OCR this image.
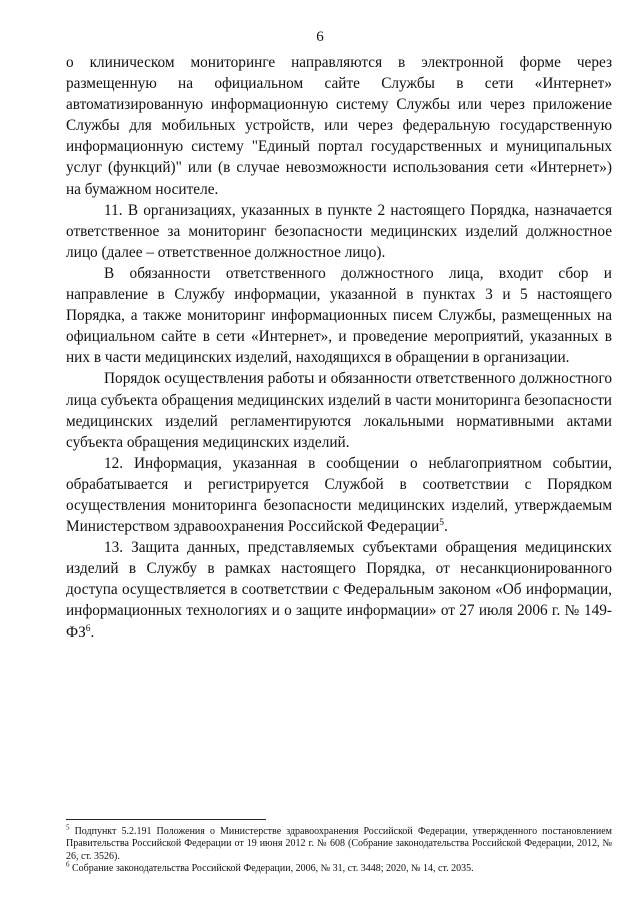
6

о клиническом мониторинге направляются в электронной форме через размещенную на официальном сайте Службы в сети «Интернет» автоматизированную информационную систему Службы или через приложение Службы для мобильных устройств, или через федеральную государственную информационную систему "Единый портал государственных и муниципальных услуг (функций)" или (в случае невозможности использования сети «Интернет») на бумажном носителе.

11. В организациях, указанных в пункте 2 настоящего Порядка, назначается ответственное за мониторинг безопасности медицинских изделий должностное лицо (далее – ответственное должностное лицо).

В обязанности ответственного должностного лица, входит сбор и направление в Службу информации, указанной в пунктах 3 и 5 настоящего Порядка, а также мониторинг информационных писем Службы, размещенных на официальном сайте в сети «Интернет», и проведение мероприятий, указанных в них в части медицинских изделий, находящихся в обращении в организации.

Порядок осуществления работы и обязанности ответственного должностного лица субъекта обращения медицинских изделий в части мониторинга безопасности медицинских изделий регламентируются локальными нормативными актами субъекта обращения медицинских изделий.

12. Информация, указанная в сообщении о неблагоприятном событии, обрабатывается и регистрируется Службой в соответствии с Порядком осуществления мониторинга безопасности медицинских изделий, утверждаемым Министерством здравоохранения Российской Федерации$^5$.

13. Защита данных, представляемых субъектами обращения медицинских изделий в Службу в рамках настоящего Порядка, от несанкционированного доступа осуществляется в соответствии с Федеральным законом «Об информации, информационных технологиях и о защите информации» от 27 июля 2006 г. № $149-ФЗ^6$.

$^5$ Подпункт 5.2.191 Положения о Министерстве здравоохранения Российской Федерации, утвержденного постановлением Правительства Российской Федерации от 19 июня 2012 г. № 608 (Собрание законодательства Российской Федерации, 2012, № 26, ст. 3526).

$^6$ Собрание законодательства Российской Федерации, 2006, № 31, ст. 3448; 2020, № 14, ст. 2035.
